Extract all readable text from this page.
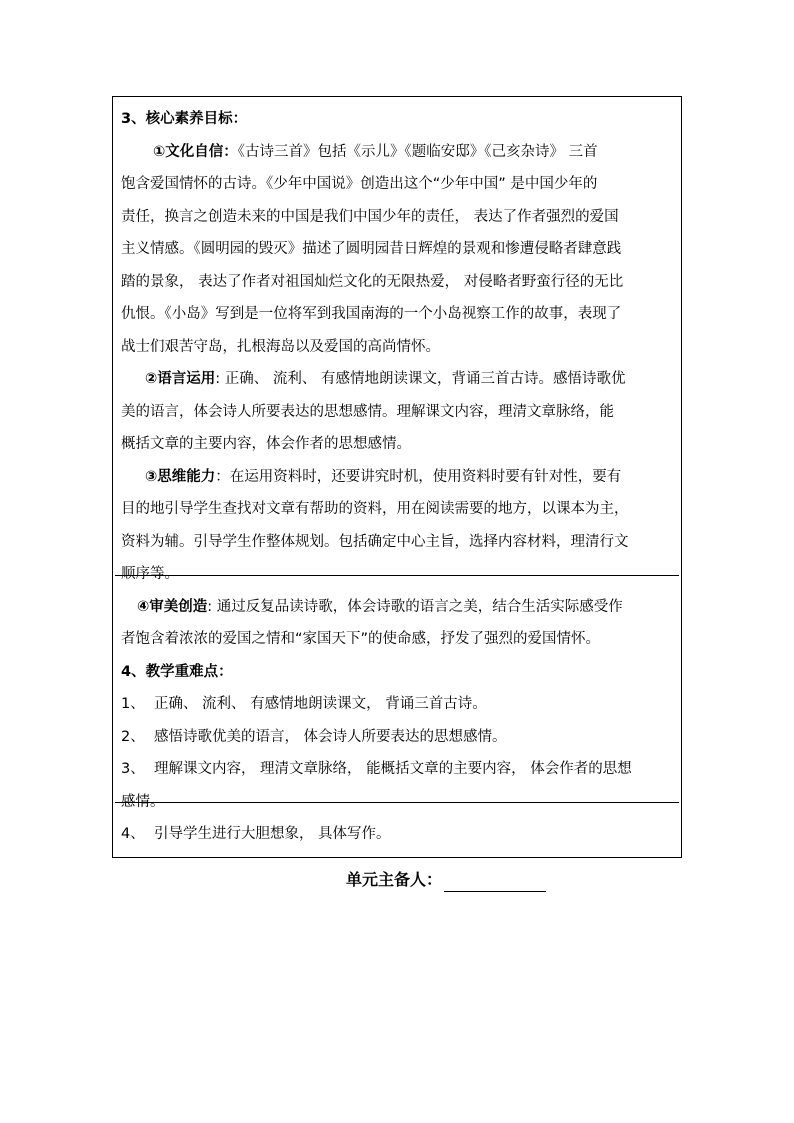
3、核心素养目标：
①文化自信：《古诗三首》包括《示儿》《题临安邸》《己亥杂诗》 三首
饱含爱国情怀的古诗。《少年中国说》创造出这个“少年中国” 是中国少年的
责任，换言之创造未来的中国是我们中国少年的责任， 表达了作者强烈的爱国
主义情感。《圆明园的毁灭》描述了圆明园昔日辉煌的景观和惨遭侵略者肆意践
踏的景象， 表达了作者对祖国灿烂文化的无限热爱， 对侵略者野蛮行径的无比
仇恨。《小岛》写到是一位将军到我国南海的一个小岛视察工作的故事，表现了
战士们艰苦守岛，扎根海岛以及爱国的高尚情怀。
②语言运用: 正确、 流利、 有感情地朗读课文，背诵三首古诗。感悟诗歌优
美的语言，体会诗人所要表达的思想感情。理解课文内容，理清文章脉络，能
概括文章的主要内容，体会作者的思想感情。
③思维能力：在运用资料时，还要讲究时机，使用资料时要有针对性，要有
目的地引导学生查找对文章有帮助的资料，用在阅读需要的地方，以课本为主，
资料为辅。引导学生作整体规划。包括确定中心主旨，选择内容材料，理清行文
顺序等。
④审美创造: 通过反复品读诗歌，体会诗歌的语言之美，结合生活实际感受作
者饱含着浓浓的爱国之情和“家国天下”的使命感，抒发了强烈的爱国情怀。
4、教学重难点：
1、  正确、 流利、 有感情地朗读课文， 背诵三首古诗。
2、  感悟诗歌优美的语言， 体会诗人所要表达的思想感情。
3、  理解课文内容， 理清文章脉络， 能概括文章的主要内容， 体会作者的思想
感情。
4、  引导学生进行大胆想象， 具体写作。
单元主备人：
